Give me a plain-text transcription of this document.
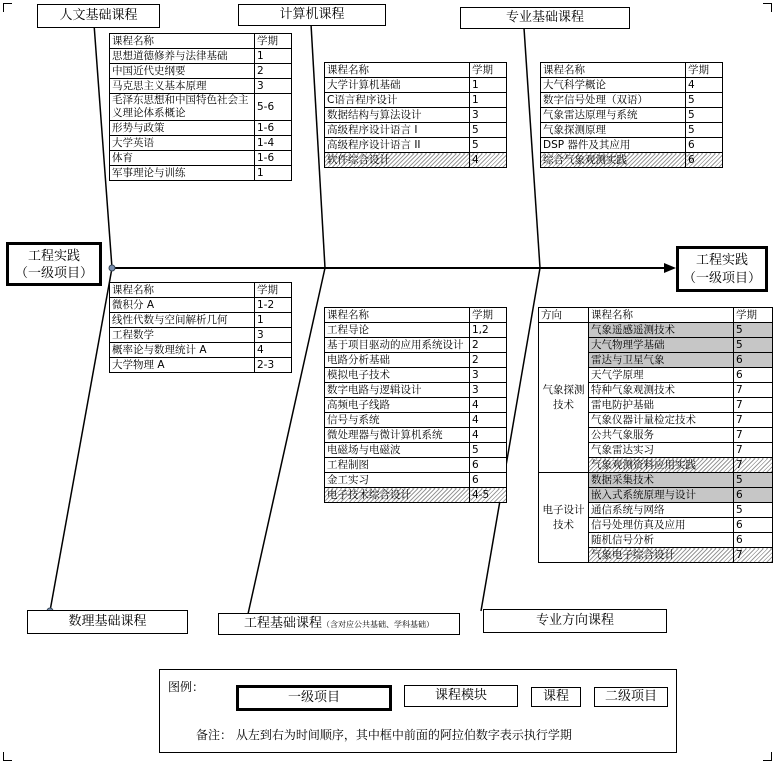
人文基础课程	计算机课程	专业基础课程
工程实践
（一级项目）
工程实践
（一级项目）
数理基础课程	工程基础课程（含对应公共基础、学科基础）	专业方向课程
课程名称	学期
思想道德修养与法律基础	1
中国近代史纲要	2
马克思主义基本原理	3
毛泽东思想和中国特色社会主义理论体系概论	5-6
形势与政策	1-6
大学英语	1-4
体育	1-6
军事理论与训练	1
课程名称	学期
大学计算机基础	1
C语言程序设计	1
数据结构与算法设计	3
高级程序设计语言 I	5
高级程序设计语言 II	5
软件综合设计	4
课程名称	学期
大气科学概论	4
数字信号处理（双语）	5
气象雷达原理与系统	5
气象探测原理	5
DSP 器件及其应用	6
综合气象观测实践	6
课程名称	学期
微积分 A	1-2
线性代数与空间解析几何	1
工程数学	3
概率论与数理统计 A	4
大学物理 A	2-3
课程名称	学期
工程导论	1,2
基于项目驱动的应用系统设计	2
电路分析基础	2
模拟电子技术	3
数字电路与逻辑设计	3
高频电子线路	4
信号与系统	4
微处理器与微计算机系统	4
电磁场与电磁波	5
工程制图	6
金工实习	6
电子技术综合设计	4-5
方向	课程名称	学期
气象探测技术	气象遥感遥测技术	5
	大气物理学基础	5
	雷达与卫星气象	6
	天气学原理	6
	特种气象观测技术	7
	雷电防护基础	7
	气象仪器计量检定技术	7
	公共气象服务	7
	气象雷达实习	7
	气象观测资料应用实践	7
电子设计技术	数据采集技术	5
	嵌入式系统原理与设计	6
	通信系统与网络	5
	信号处理仿真及应用	6
	随机信号分析	6
	气象电子综合设计	7
图例：
一级项目	课程模块	课程	二级项目
备注： 从左到右为时间顺序，其中框中前面的阿拉伯数字表示执行学期
